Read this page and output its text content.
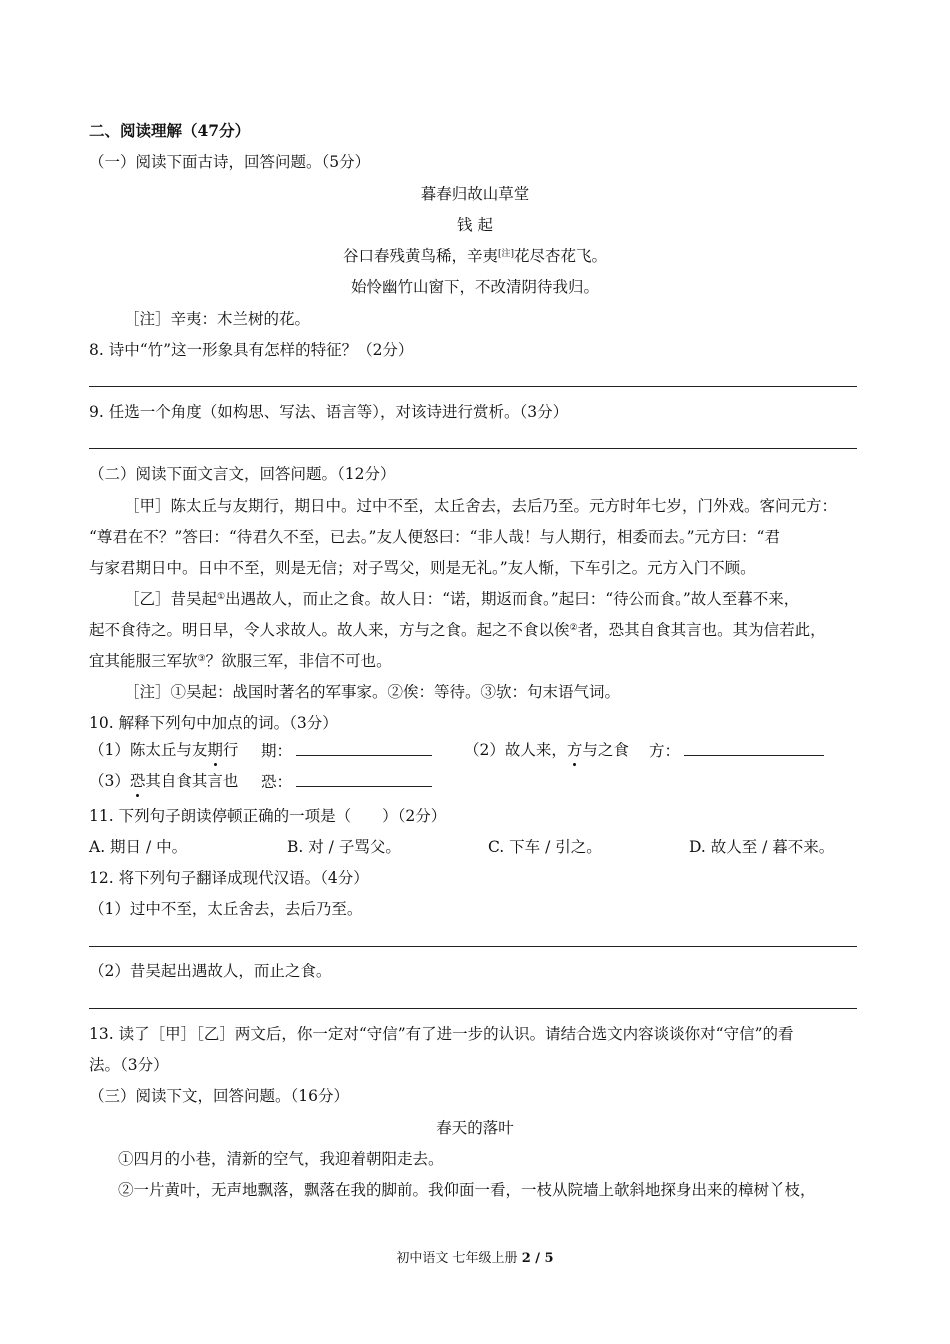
二、阅读理解（47分）
（一）阅读下面古诗，回答问题。（5分）
暮春归故山草堂
钱 起
谷口春残黄鸟稀，辛夷[注]花尽杏花飞。
始怜幽竹山窗下，不改清阴待我归。
［注］辛夷：木兰树的花。
8. 诗中“竹”这一形象具有怎样的特征？（2分）
9. 任选一个角度（如构思、写法、语言等），对该诗进行赏析。（3分）
（二）阅读下面文言文，回答问题。（12分）
［甲］陈太丘与友期行，期日中。过中不至，太丘舍去，去后乃至。元方时年七岁，门外戏。客问元方：
“尊君在不？”答曰：“待君久不至，已去。”友人便怒曰：“非人哉！与人期行，相委而去。”元方曰：“君
与家君期日中。日中不至，则是无信；对子骂父，则是无礼。”友人惭，下车引之。元方入门不顾。
［乙］昔吴起①出遇故人，而止之食。故人日：“诺，期返而食。”起曰：“待公而食。”故人至暮不来，
起不食待之。明日早，令人求故人。故人来，方与之食。起之不食以俟②者，恐其自食其言也。其为信若此，
宜其能服三军欤③？欲服三军，非信不可也。
［注］①吴起：战国时著名的军事家。②俟：等待。③欤：句末语气词。
10. 解释下列句中加点的词。（3分）
（1）陈太丘与友期行 期：	（2）故人来，方与之食 方：
（3）恐其自食其言也 恐：
11. 下列句子朗读停顿正确的一项是（　　）（2分）
A. 期日 / 中。	B. 对 / 子骂父。	C. 下车 / 引之。	D. 故人至 / 暮不来。
12. 将下列句子翻译成现代汉语。（4分）
（1）过中不至，太丘舍去，去后乃至。
（2）昔吴起出遇故人，而止之食。
13. 读了［甲］［乙］两文后，你一定对“守信”有了进一步的认识。请结合选文内容谈谈你对“守信”的看
法。（3分）
（三）阅读下文，回答问题。（16分）
春天的落叶
①四月的小巷，清新的空气，我迎着朝阳走去。
②一片黄叶，无声地飘落，飘落在我的脚前。我仰面一看，一枝从院墙上欹斜地探身出来的樟树丫枝，
初中语文 七年级上册 2 / 5
